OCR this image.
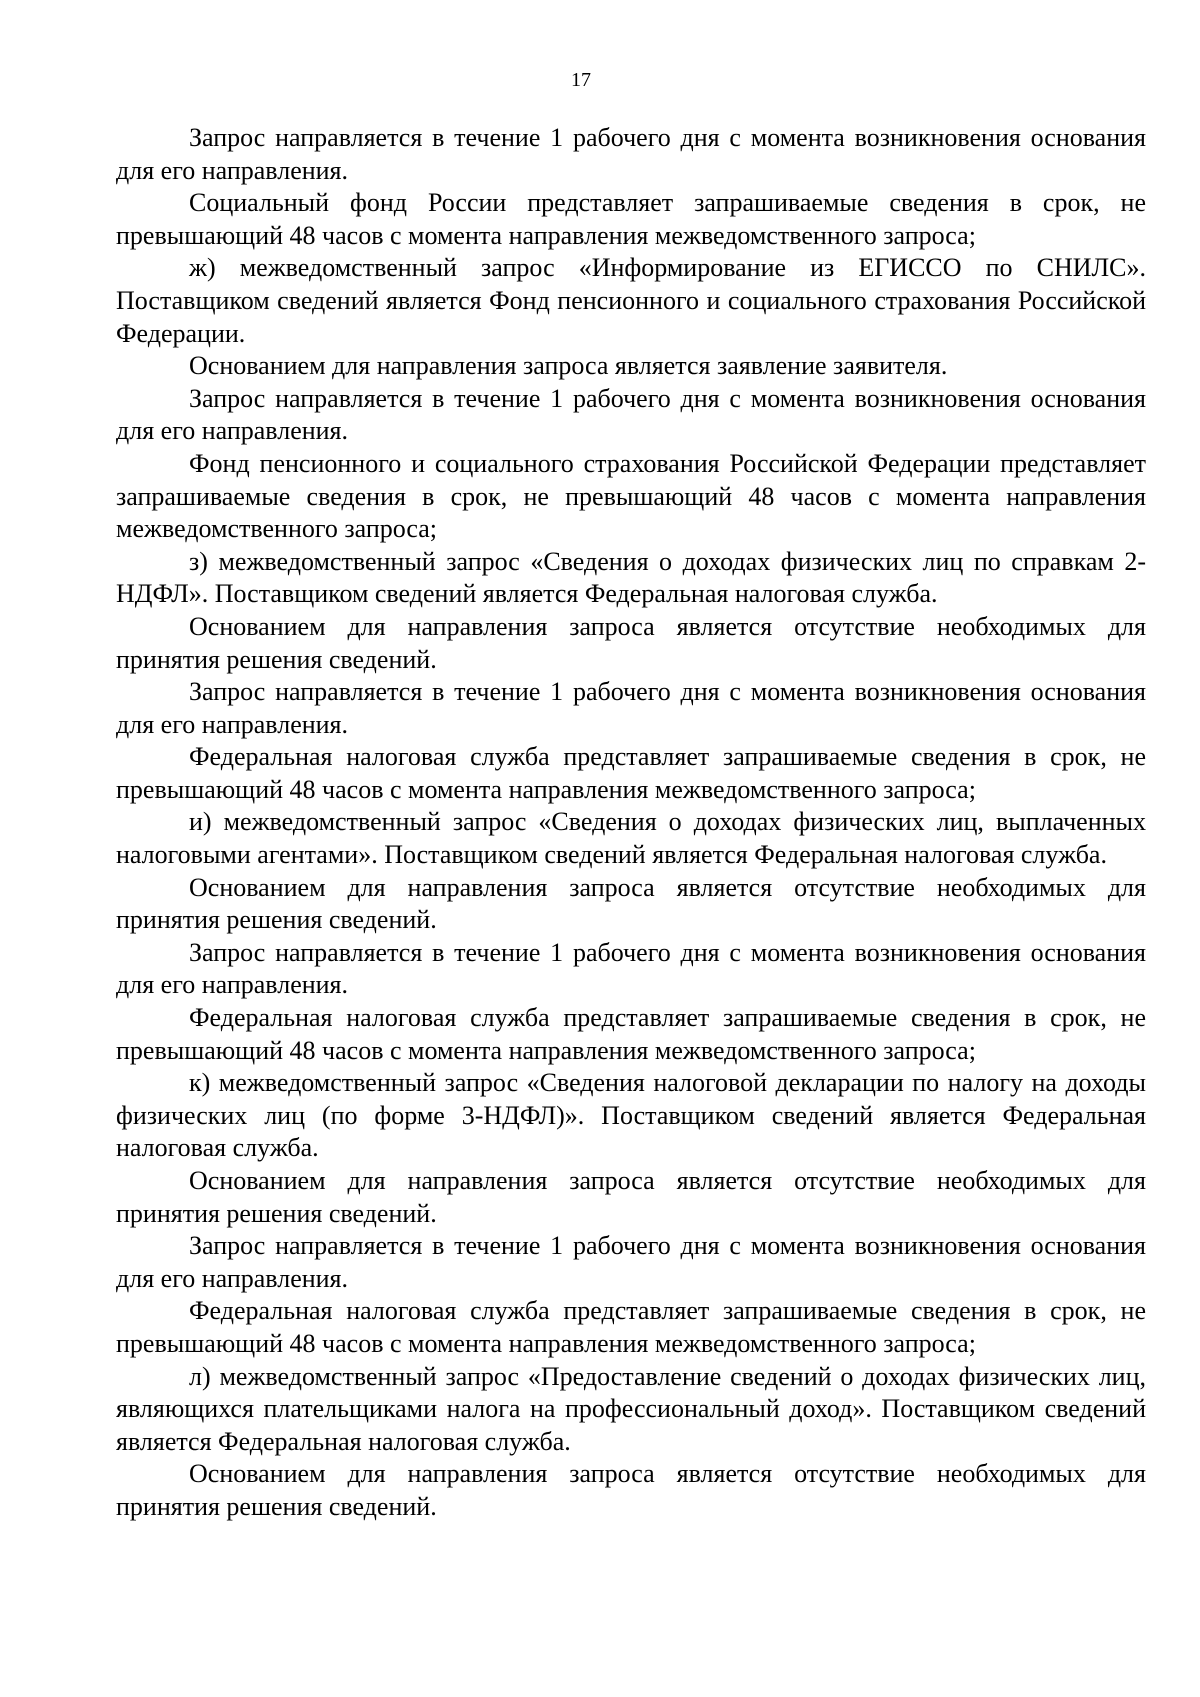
17

Запрос направляется в течение 1 рабочего дня с момента возникновения основания для его направления.

Социальный фонд России представляет запрашиваемые сведения в срок, не превышающий 48 часов с момента направления межведомственного запроса;

ж) межведомственный запрос «Информирование из ЕГИССО по СНИЛС». Поставщиком сведений является Фонд пенсионного и социального страхования Российской Федерации.

Основанием для направления запроса является заявление заявителя.

Запрос направляется в течение 1 рабочего дня с момента возникновения основания для его направления.

Фонд пенсионного и социального страхования Российской Федерации представляет запрашиваемые сведения в срок, не превышающий 48 часов с момента направления межведомственного запроса;

з) межведомственный запрос «Сведения о доходах физических лиц по справкам 2-НДФЛ». Поставщиком сведений является Федеральная налоговая служба.

Основанием для направления запроса является отсутствие необходимых для принятия решения сведений.

Запрос направляется в течение 1 рабочего дня с момента возникновения основания для его направления.

Федеральная налоговая служба представляет запрашиваемые сведения в срок, не превышающий 48 часов с момента направления межведомственного запроса;

и) межведомственный запрос «Сведения о доходах физических лиц, выплаченных налоговыми агентами». Поставщиком сведений является Федеральная налоговая служба.

Основанием для направления запроса является отсутствие необходимых для принятия решения сведений.

Запрос направляется в течение 1 рабочего дня с момента возникновения основания для его направления.

Федеральная налоговая служба представляет запрашиваемые сведения в срок, не превышающий 48 часов с момента направления межведомственного запроса;

к) межведомственный запрос «Сведения налоговой декларации по налогу на доходы физических лиц (по форме 3-НДФЛ)». Поставщиком сведений является Федеральная налоговая служба.

Основанием для направления запроса является отсутствие необходимых для принятия решения сведений.

Запрос направляется в течение 1 рабочего дня с момента возникновения основания для его направления.

Федеральная налоговая служба представляет запрашиваемые сведения в срок, не превышающий 48 часов с момента направления межведомственного запроса;

л) межведомственный запрос «Предоставление сведений о доходах физических лиц, являющихся плательщиками налога на профессиональный доход». Поставщиком сведений является Федеральная налоговая служба.

Основанием для направления запроса является отсутствие необходимых для принятия решения сведений.
